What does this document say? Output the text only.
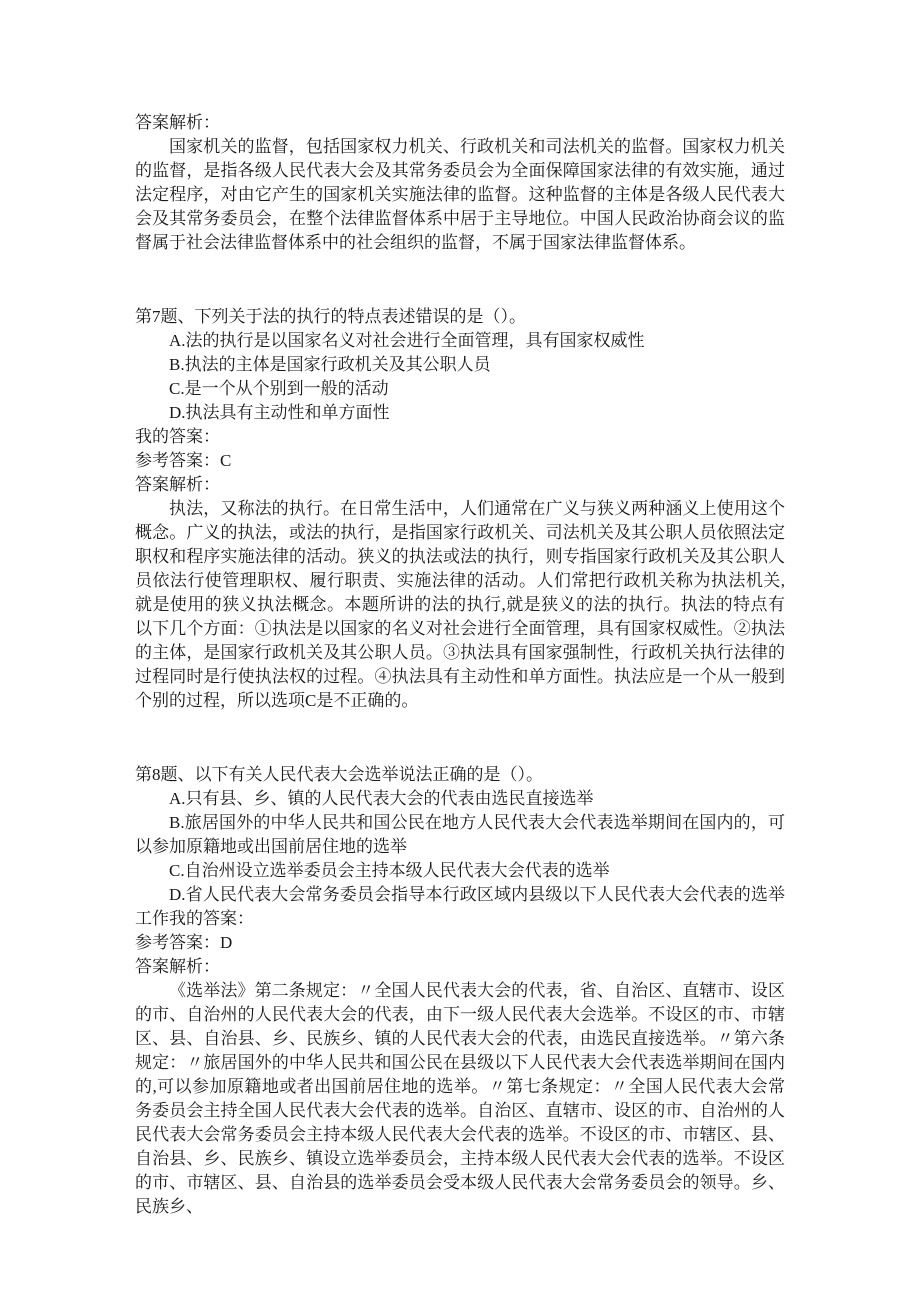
答案解析：

国家机关的监督，包括国家权力机关、行政机关和司法机关的监督。国家权力机关的监督，是指各级人民代表大会及其常务委员会为全面保障国家法律的有效实施，通过法定程序，对由它产生的国家机关实施法律的监督。这种监督的主体是各级人民代表大会及其常务委员会，在整个法律监督体系中居于主导地位。中国人民政治协商会议的监督属于社会法律监督体系中的社会组织的监督，不属于国家法律监督体系。

第7题、下列关于法的执行的特点表述错误的是（）。

A.法的执行是以国家名义对社会进行全面管理，具有国家权威性

B.执法的主体是国家行政机关及其公职人员

C.是一个从个别到一般的活动

D.执法具有主动性和单方面性

我的答案：

参考答案：C

答案解析：

执法，又称法的执行。在日常生活中，人们通常在广义与狭义两种涵义上使用这个概念。广义的执法，或法的执行，是指国家行政机关、司法机关及其公职人员依照法定职权和程序实施法律的活动。狭义的执法或法的执行，则专指国家行政机关及其公职人员依法行使管理职权、履行职责、实施法律的活动。人们常把行政机关称为执法机关,就是使用的狭义执法概念。本题所讲的法的执行,就是狭义的法的执行。执法的特点有以下几个方面：①执法是以国家的名义对社会进行全面管理，具有国家权威性。②执法的主体，是国家行政机关及其公职人员。③执法具有国家强制性，行政机关执行法律的过程同时是行使执法权的过程。④执法具有主动性和单方面性。执法应是一个从一般到个别的过程，所以选项C是不正确的。

第8题、以下有关人民代表大会选举说法正确的是（）。

A.只有县、乡、镇的人民代表大会的代表由选民直接选举

B.旅居国外的中华人民共和国公民在地方人民代表大会代表选举期间在国内的，可以参加原籍地或出国前居住地的选举

C.自治州设立选举委员会主持本级人民代表大会代表的选举

D.省人民代表大会常务委员会指导本行政区域内县级以下人民代表大会代表的选举工作我的答案：

参考答案：D

答案解析：

《选举法》第二条规定：〃全国人民代表大会的代表，省、自治区、直辖市、设区的市、自治州的人民代表大会的代表，由下一级人民代表大会选举。不设区的市、市辖区、县、自治县、乡、民族乡、镇的人民代表大会的代表，由选民直接选举。〃第六条规定：〃旅居国外的中华人民共和国公民在县级以下人民代表大会代表选举期间在国内的,可以参加原籍地或者出国前居住地的选举。〃第七条规定：〃全国人民代表大会常务委员会主持全国人民代表大会代表的选举。自治区、直辖市、设区的市、自治州的人民代表大会常务委员会主持本级人民代表大会代表的选举。不设区的市、市辖区、县、自治县、乡、民族乡、镇设立选举委员会，主持本级人民代表大会代表的选举。不设区的市、市辖区、县、自治县的选举委员会受本级人民代表大会常务委员会的领导。乡、民族乡、
